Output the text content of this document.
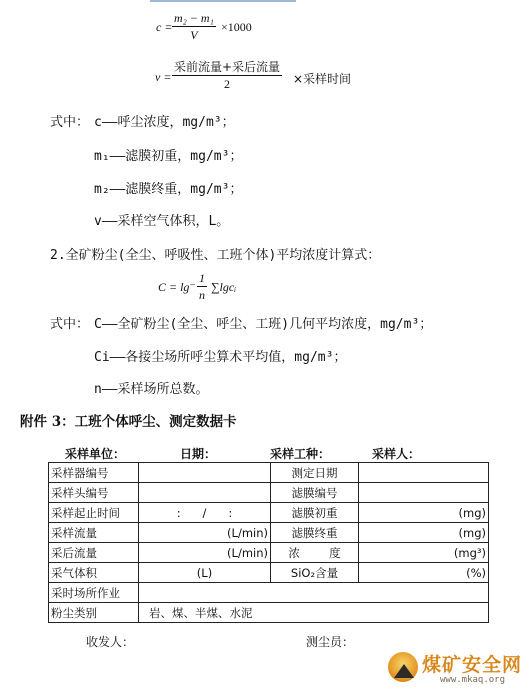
$c = \frac{\text{m₂ − m₁}}{V} \times 1000$
v =
采前流量+采后流量
2	×采样时间
式中： c——呼尘浓度，mg/m³；
m₁——滤膜初重，mg/m³；
m₂——滤膜终重，mg/m³；
v——采样空气体积，L。
2.全矿粉尘(全尘、呼吸性、工班个体)平均浓度计算式：
$C = \lg^- \frac{1}{n}$ ∑lgcᵢ
式中： C——全矿粉尘(全尘、呼尘、工班)几何平均浓度，mg/m³；
Ci——各接尘场所呼尘算术平均值，mg/m³；
n——采样场所总数。
附件 3：工班个体呼尘、测定数据卡
采样单位：	日期：	采样工种：	采样人：
采样器编号		测定日期	
采样头编号		滤膜编号	
采样起止时间	:      /      :	滤膜初重	(mg)
采样流量	(L/min)	滤膜终重	(mg)
采后流量	(L/min)	浓        度	(mg³)
采气体积	(L)	SiO₂含量	(%)
采时场所作业			
粉尘类别	岩、煤、半煤、水泥		
收发人：	测尘员：
煤矿安全网
www.mkaq.org
